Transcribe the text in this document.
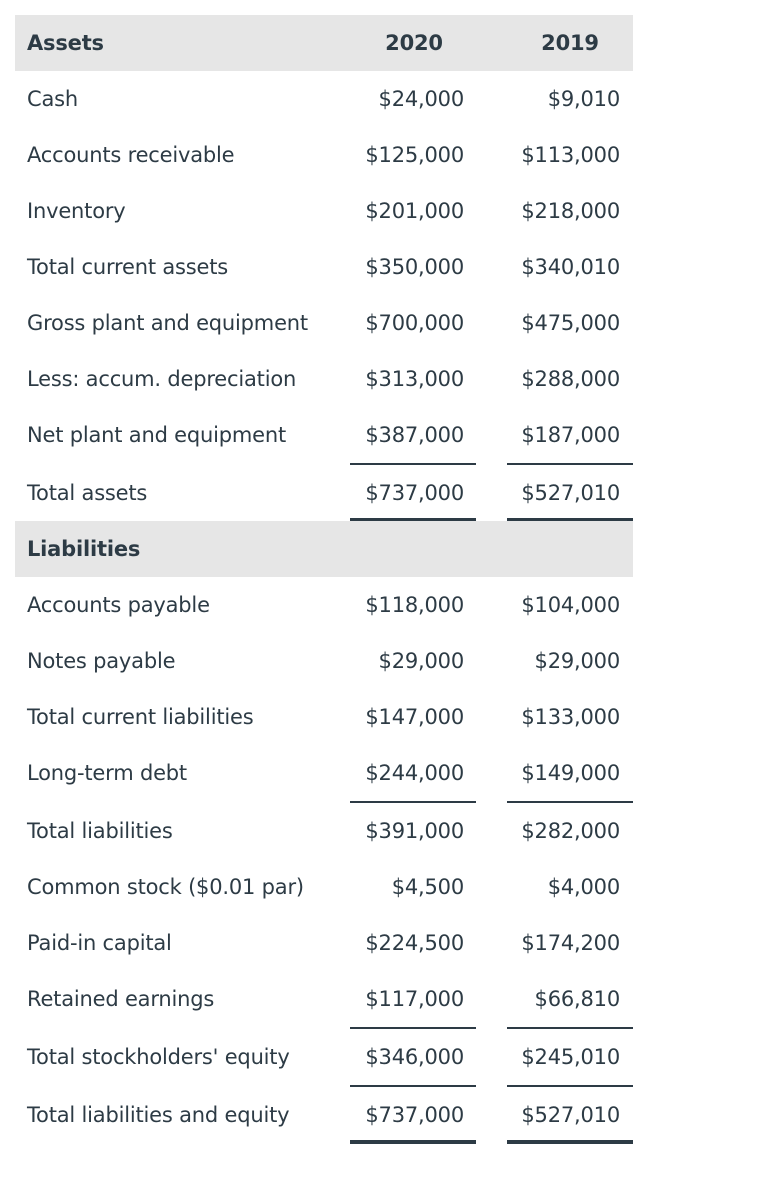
Assets	2020	2019
Cash	$24,000	$9,010
Accounts receivable	$125,000	$113,000
Inventory	$201,000	$218,000
Total current assets	$350,000	$340,010
Gross plant and equipment	$700,000	$475,000
Less: accum. depreciation	$313,000	$288,000
Net plant and equipment	$387,000	$187,000
Total assets	$737,000	$527,010
Liabilities
Accounts payable	$118,000	$104,000
Notes payable	$29,000	$29,000
Total current liabilities	$147,000	$133,000
Long-term debt	$244,000	$149,000
Total liabilities	$391,000	$282,000
Common stock ($0.01 par)	$4,500	$4,000
Paid-in capital	$224,500	$174,200
Retained earnings	$117,000	$66,810
Total stockholders' equity	$346,000	$245,010
Total liabilities and equity	$737,000	$527,010
